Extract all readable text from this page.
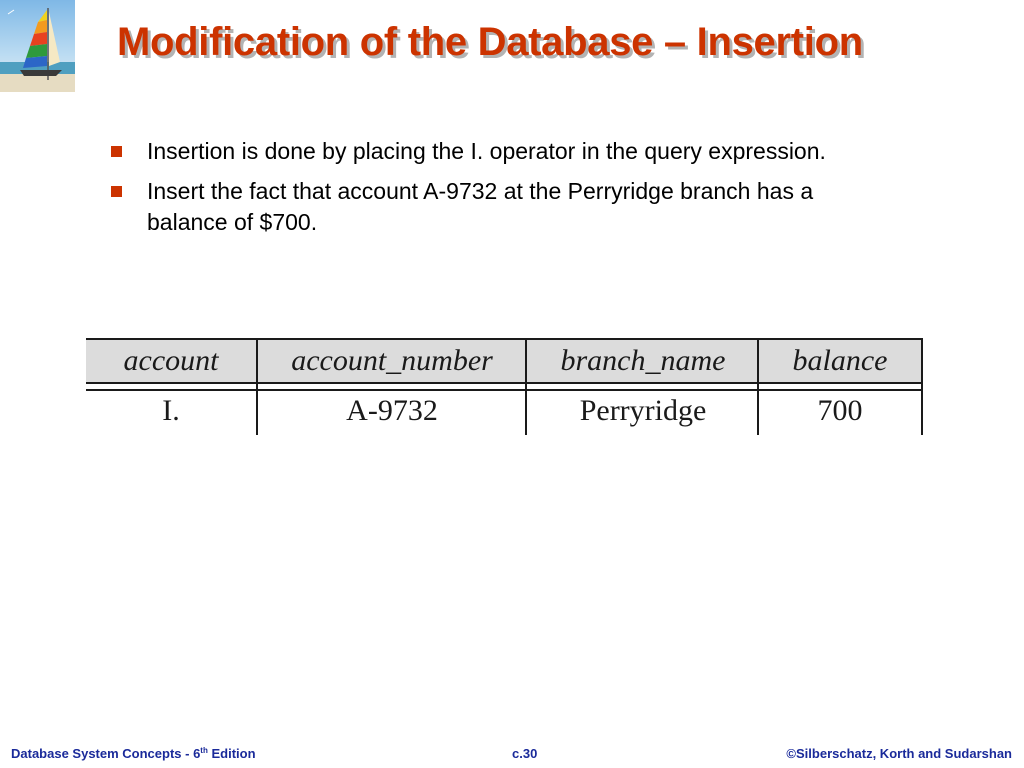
Modification of the Database – Insertion
Insertion is done by placing the I. operator in the query expression.
Insert the fact that account A-9732 at the Perryridge branch has a balance of $700.
account account_number branch_name balance
I.	A-9732	Perryridge	700
Database System Concepts - 6th Edition	c.30	©Silberschatz, Korth and Sudarshan
